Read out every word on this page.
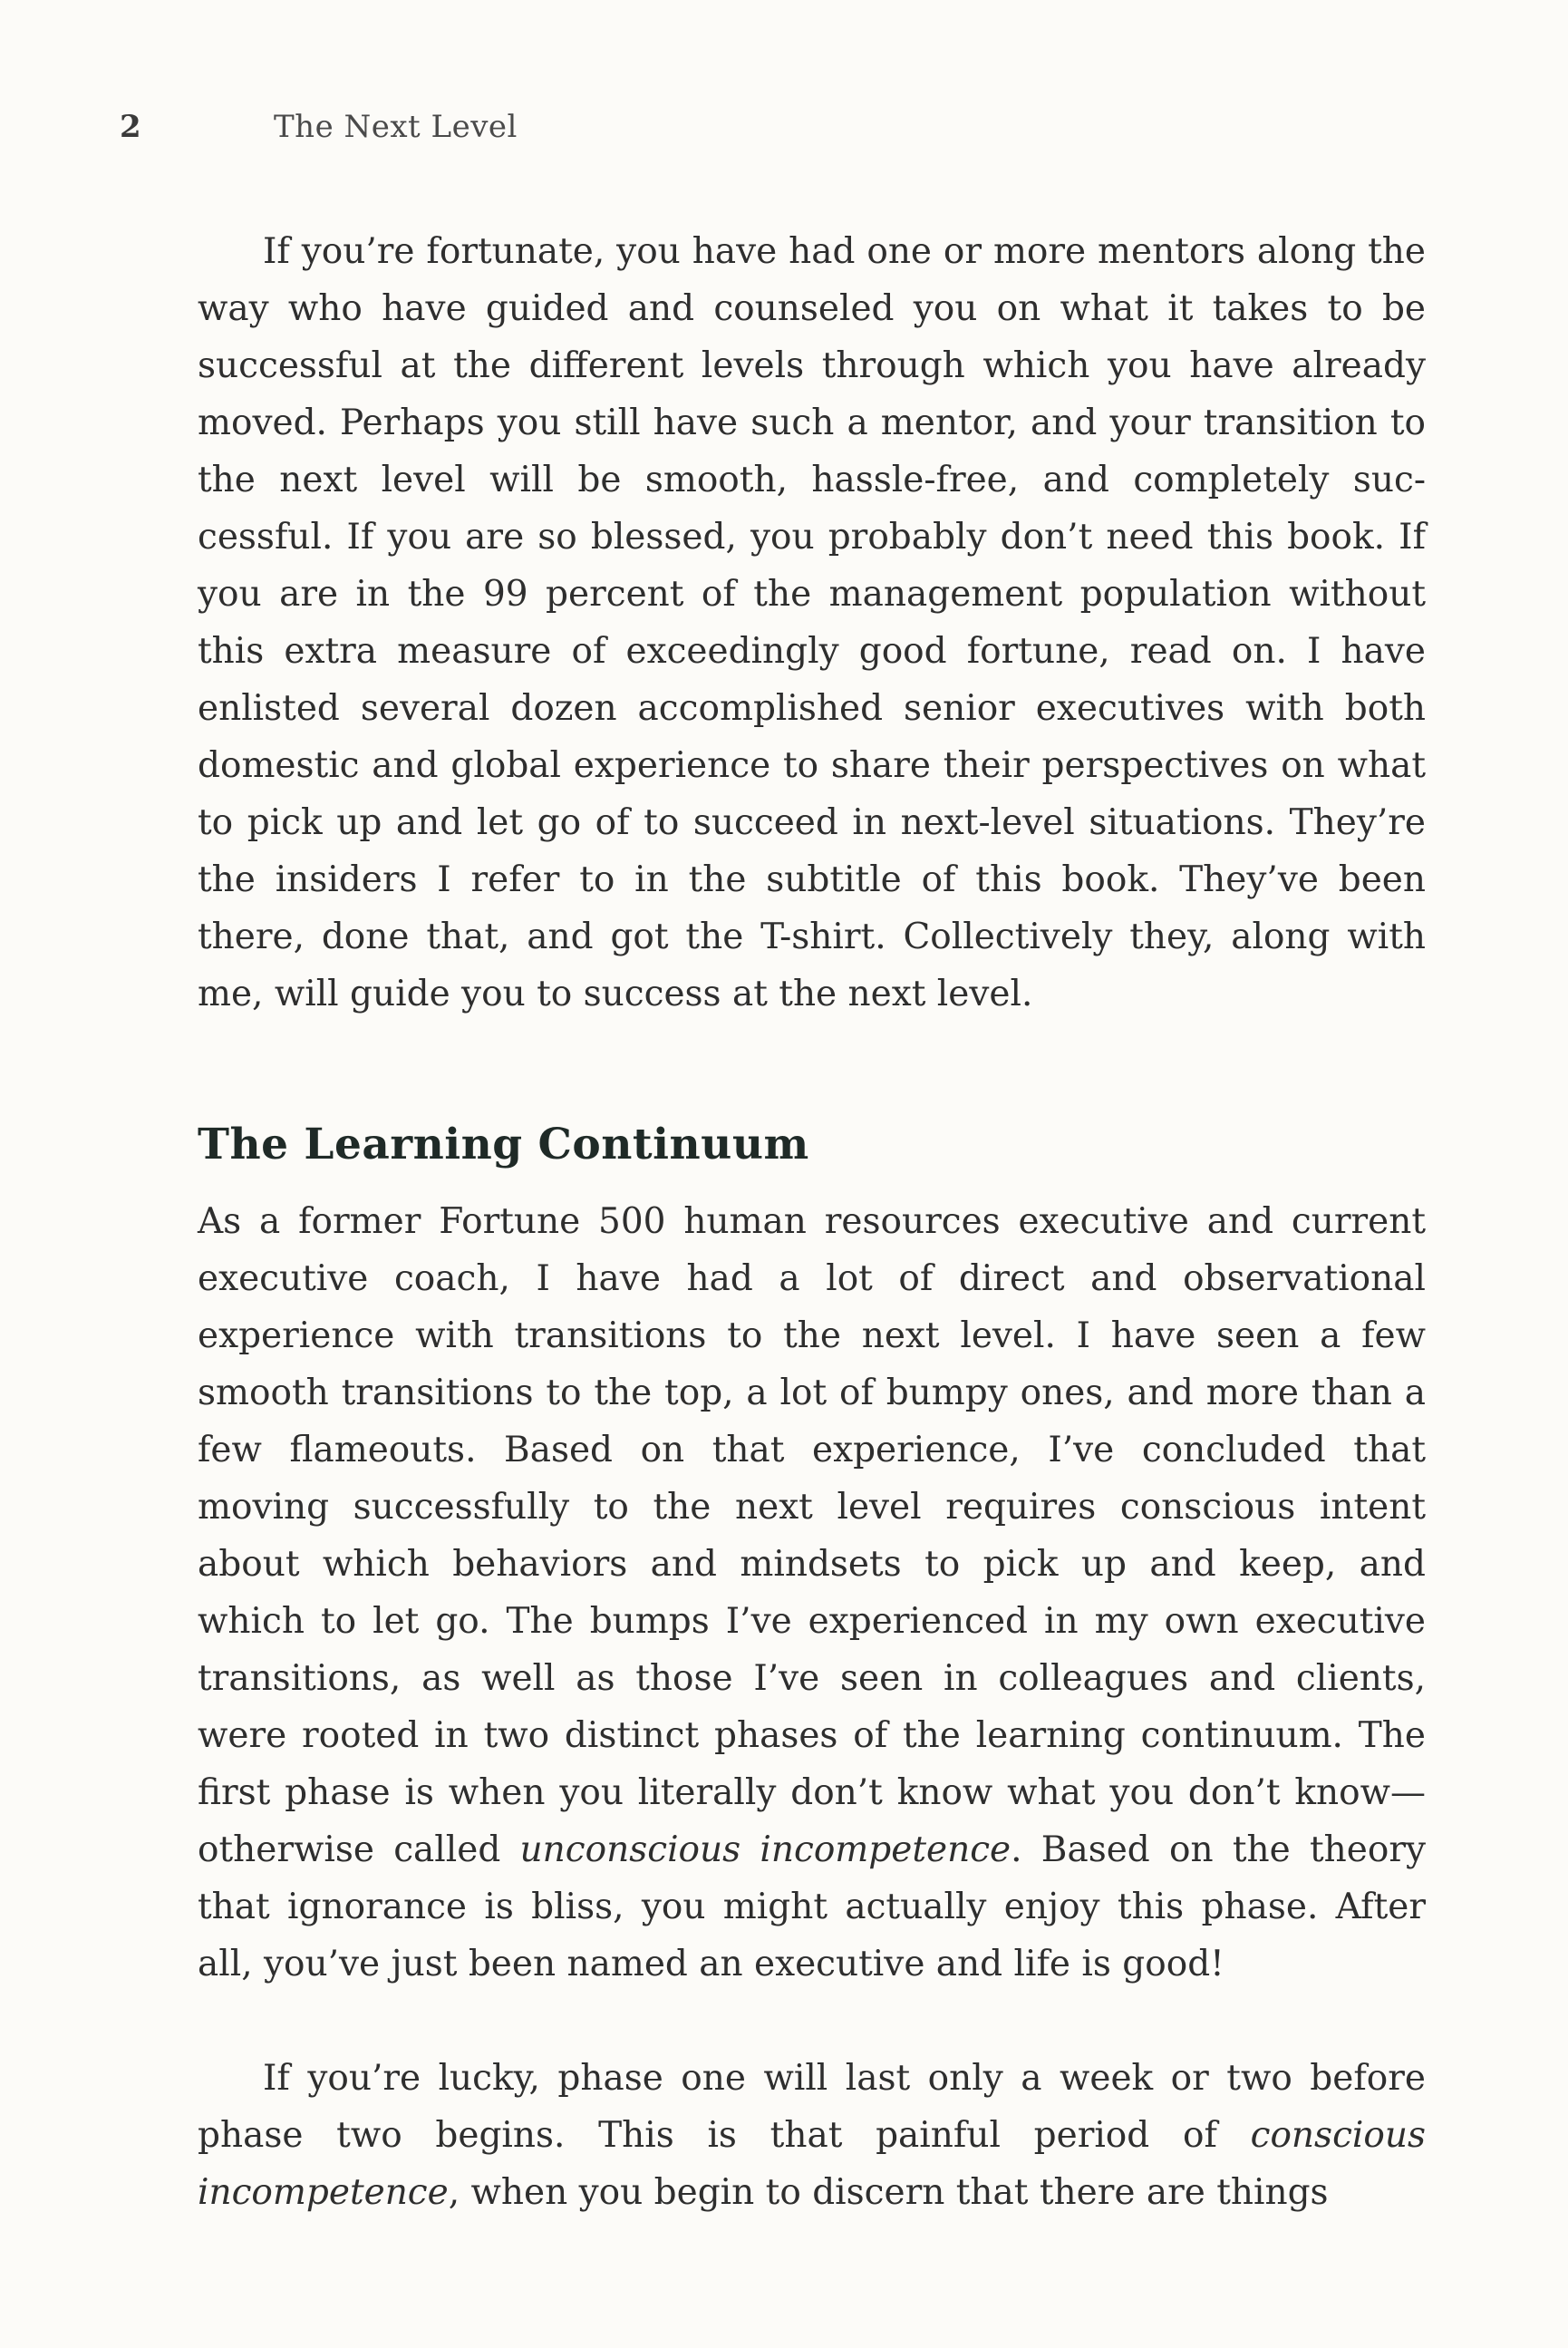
2	The Next Level

If you’re fortunate, you have had one or more mentors along the way who have guided and counseled you on what it takes to be successful at the different levels through which you have already moved. Perhaps you still have such a mentor, and your transition to the next level will be smooth, hassle-free, and completely successful. If you are so blessed, you probably don’t need this book. If you are in the 99 percent of the management population without this extra measure of exceedingly good fortune, read on. I have enlisted several dozen accomplished senior executives with both domestic and global experience to share their perspectives on what to pick up and let go of to succeed in next-level situations. They’re the insiders I refer to in the subtitle of this book. They’ve been there, done that, and got the T-shirt. Collectively they, along with me, will guide you to success at the next level.

The Learning Continuum

As a former Fortune 500 human resources executive and current executive coach, I have had a lot of direct and observational experience with transitions to the next level. I have seen a few smooth transitions to the top, a lot of bumpy ones, and more than a few flameouts. Based on that experience, I’ve concluded that moving successfully to the next level requires conscious intent about which behaviors and mindsets to pick up and keep, and which to let go. The bumps I’ve experienced in my own executive transitions, as well as those I’ve seen in colleagues and clients, were rooted in two distinct phases of the learning continuum. The first phase is when you literally don’t know what you don’t know—otherwise called unconscious incompetence. Based on the theory that ignorance is bliss, you might actually enjoy this phase. After all, you’ve just been named an executive and life is good!

If you’re lucky, phase one will last only a week or two before phase two begins. This is that painful period of conscious incompetence, when you begin to discern that there are things
